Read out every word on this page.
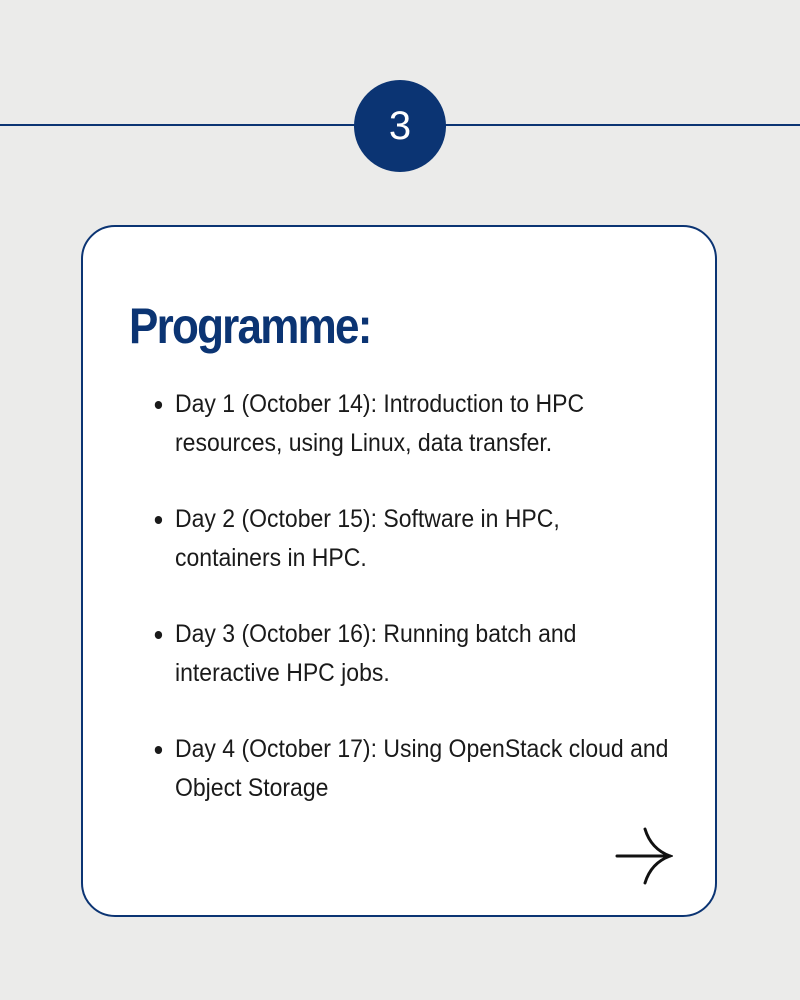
3
Programme:
Day 1 (October 14): Introduction to HPC resources, using Linux, data transfer.
Day 2 (October 15): Software in HPC, containers in HPC.
Day 3 (October 16): Running batch and interactive HPC jobs.
Day 4 (October 17): Using OpenStack cloud and Object Storage
